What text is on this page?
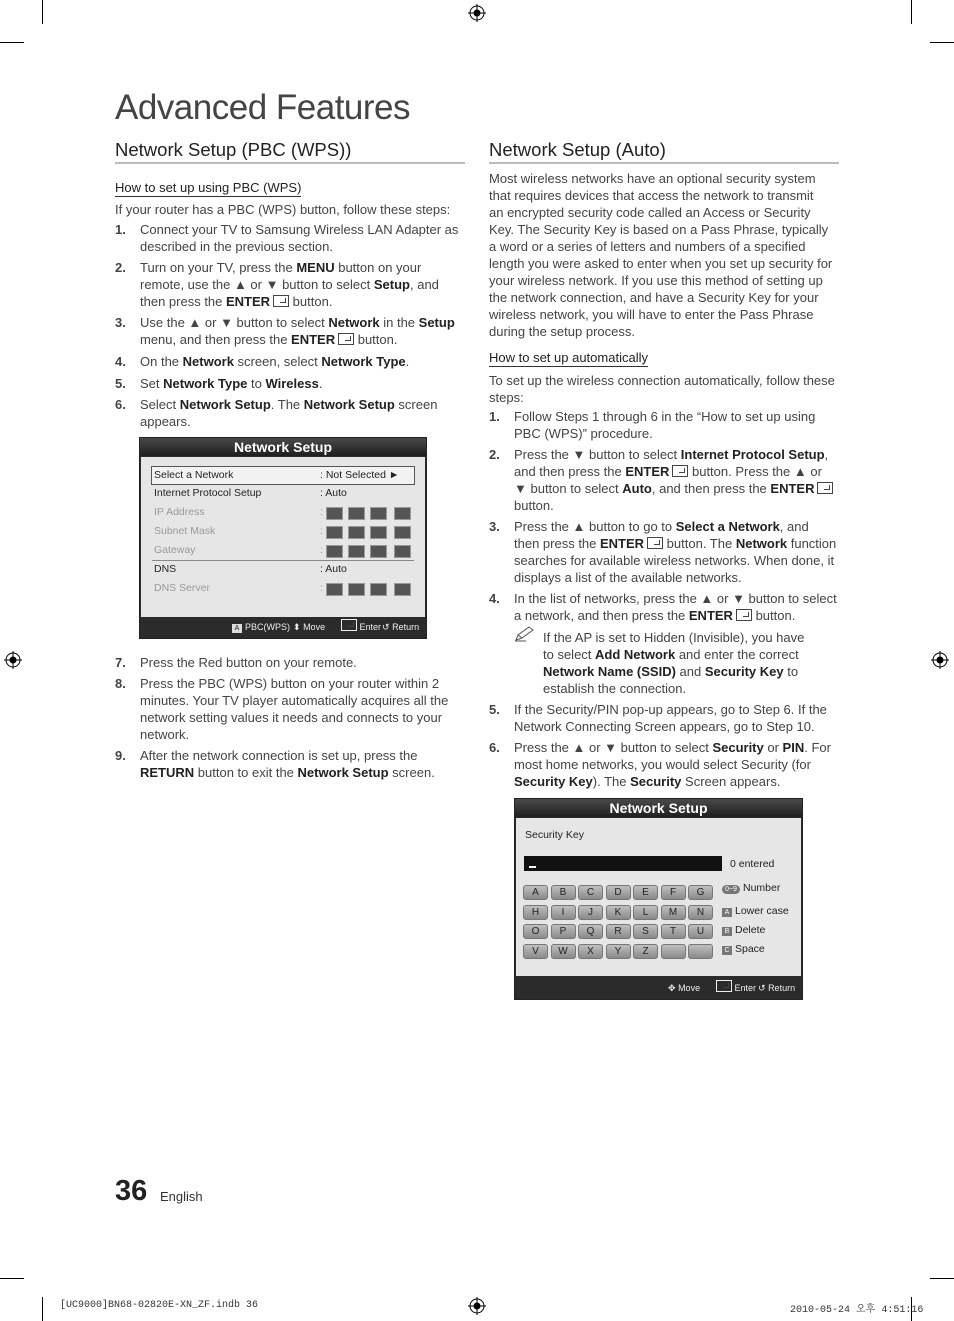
Advanced Features
Network Setup (PBC (WPS))
How to set up using PBC (WPS)
If your router has a PBC (WPS) button, follow these steps:
1. Connect your TV to Samsung Wireless LAN Adapter as
described in the previous section.
2. Turn on your TV, press the MENU button on your
remote, use the ▲ or ▼ button to select Setup, and
then press the ENTER button.
3. Use the ▲ or ▼ button to select Network in the Setup
menu, and then press the ENTER button.
4. On the Network screen, select Network Type.
5. Set Network Type to Wireless.
6. Select Network Setup. The Network Setup screen
appears.
Network Setup
Select a Network	: Not Selected ►
Internet Protocol Setup	: Auto
IP Address	:
Subnet Mask	:
Gateway	:
DNS	: Auto
DNS Server	:
A PBC(WPS) ⬍ Move	Enter ↺ Return
7. Press the Red button on your remote.
8. Press the PBC (WPS) button on your router within 2
minutes. Your TV player automatically acquires all the
network setting values it needs and connects to your
network.
9. After the network connection is set up, press the
RETURN button to exit the Network Setup screen.
Network Setup (Auto)
Most wireless networks have an optional security system
that requires devices that access the network to transmit
an encrypted security code called an Access or Security
Key. The Security Key is based on a Pass Phrase, typically
a word or a series of letters and numbers of a specified
length you were asked to enter when you set up security for
your wireless network. If you use this method of setting up
the network connection, and have a Security Key for your
wireless network, you will have to enter the Pass Phrase
during the setup process.
How to set up automatically
To set up the wireless connection automatically, follow these
steps:
1. Follow Steps 1 through 6 in the “How to set up using
PBC (WPS)” procedure.
2. Press the ▼ button to select Internet Protocol Setup,
and then press the ENTER button. Press the ▲ or
▼ button to select Auto, and then press the ENTER
button.
3. Press the ▲ button to go to Select a Network, and
then press the ENTER button. The Network function
searches for available wireless networks. When done, it
displays a list of the available networks.
4. In the list of networks, press the ▲ or ▼ button to select
a network, and then press the ENTER button.
5. If the Security/PIN pop-up appears, go to Step 6. If the
Network Connecting Screen appears, go to Step 10.
6. Press the ▲ or ▼ button to select Security or PIN. For
most home networks, you would select Security (for
Security Key). The Security Screen appears.
If the AP is set to Hidden (Invisible), you have
to select Add Network and enter the correct
Network Name (SSID) and Security Key to
establish the connection.
Network Setup
Security Key
0 entered
A	B	C	D	E	F	G
H	I	J	K	L	M	N
O	P	Q	R	S	T	U
V	W	X	Y	Z
0~9 Number
A Lower case
B Delete
C Space
✥ Move	Enter ↺ Return
36 English
[UC9000]BN68-02820E-XN_ZF.indb 36	2010-05-24 오후 4:51:16
